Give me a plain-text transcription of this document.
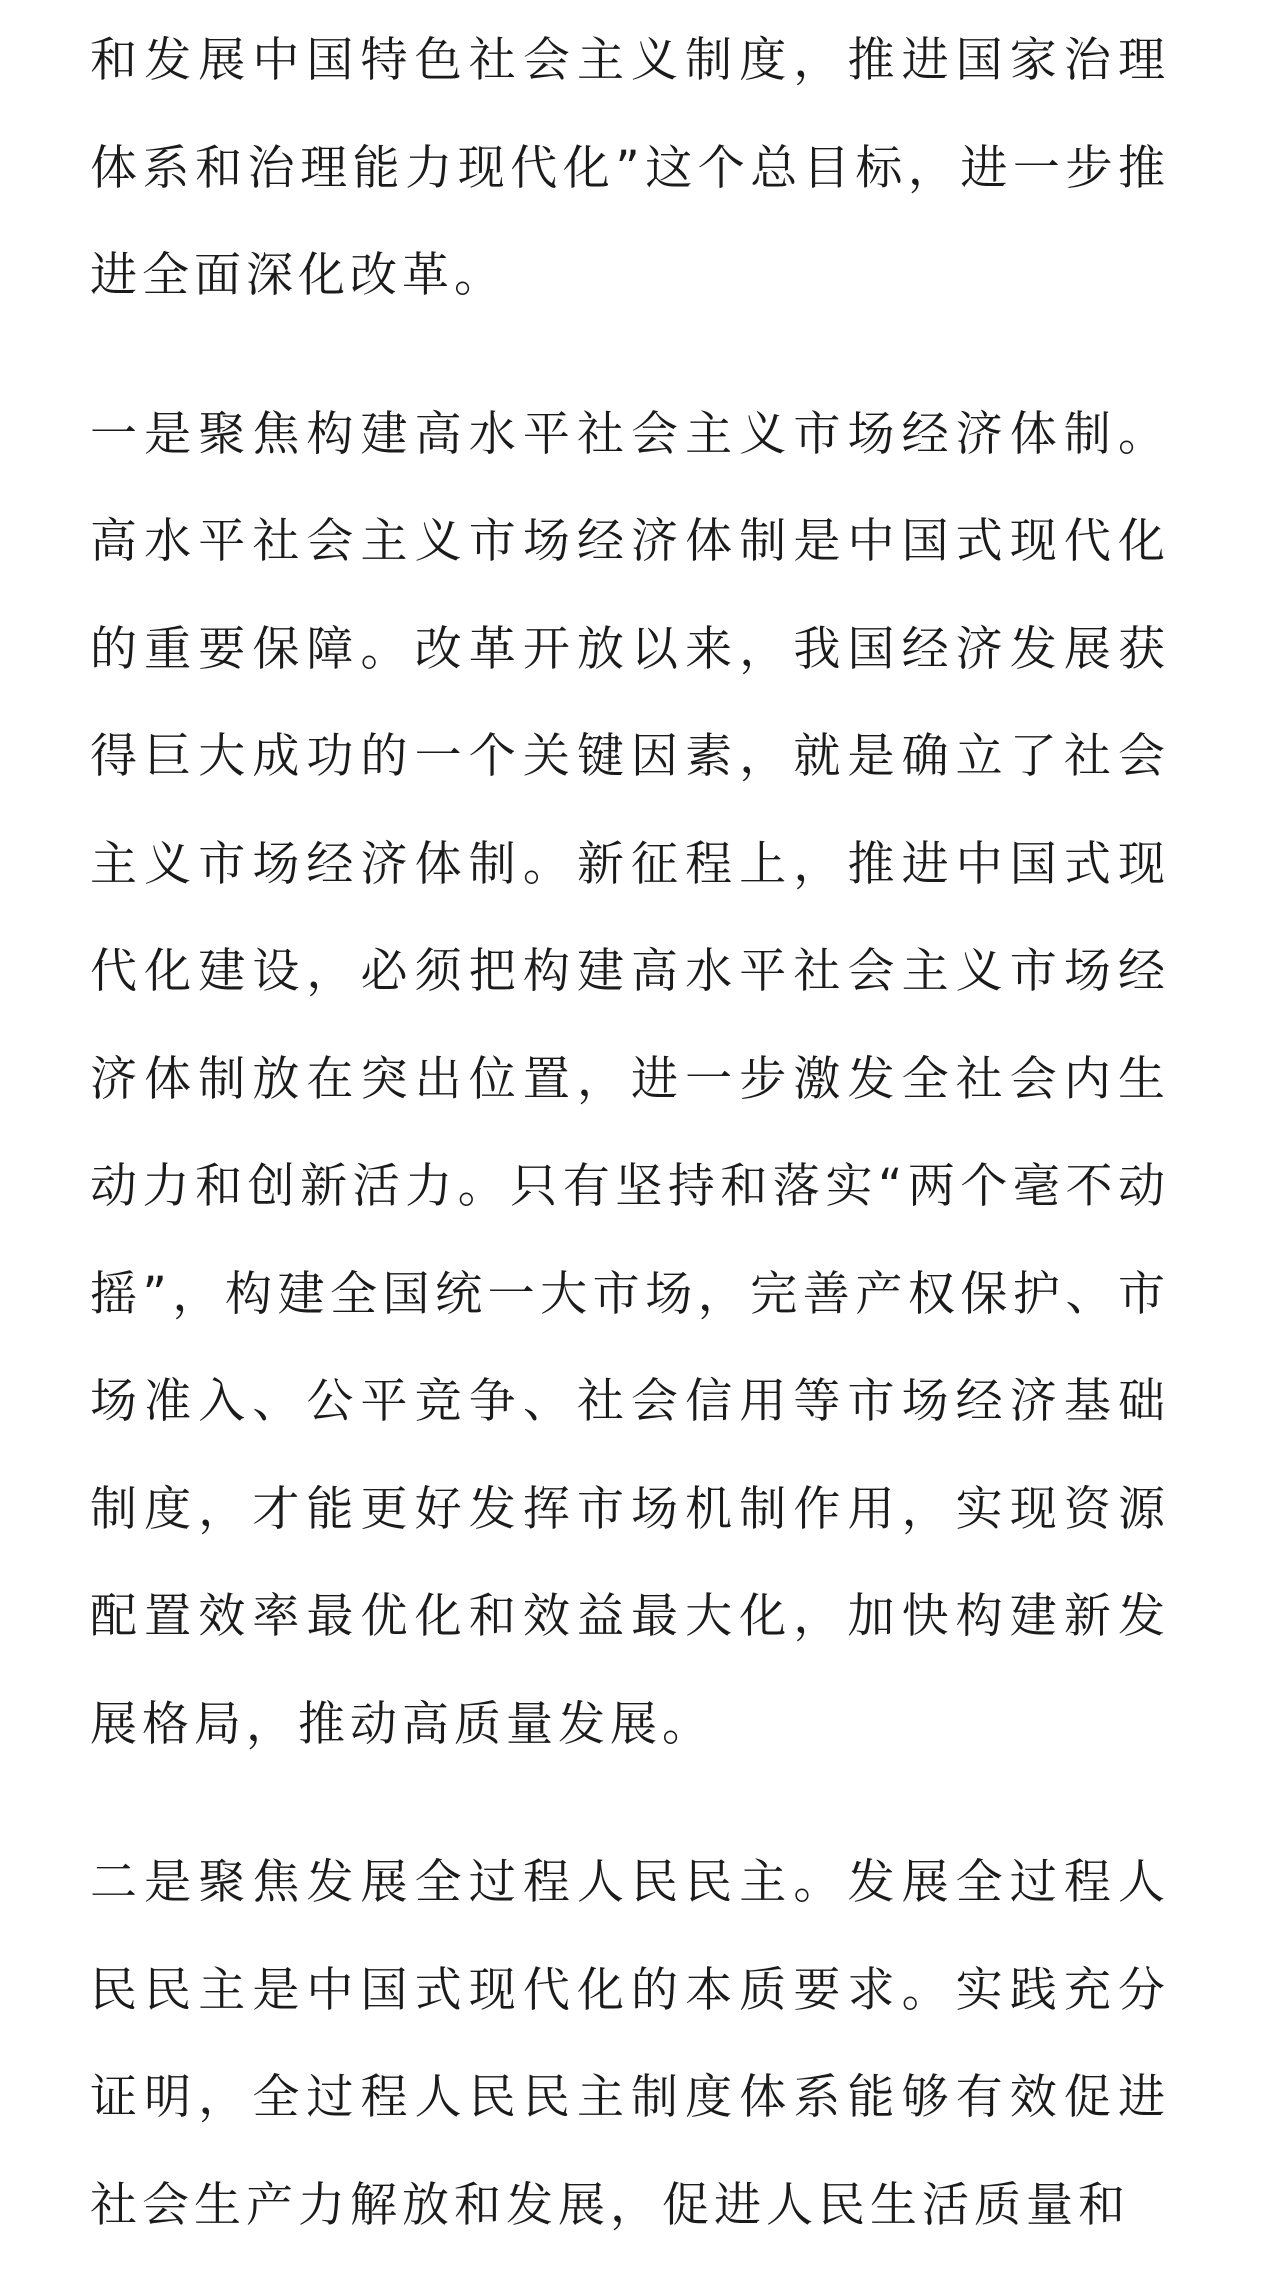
和发展中国特色社会主义制度，推进国家治理体系和治理能力现代化”这个总目标，进一步推进全面深化改革。

一是聚焦构建高水平社会主义市场经济体制。高水平社会主义市场经济体制是中国式现代化的重要保障。改革开放以来，我国经济发展获得巨大成功的一个关键因素，就是确立了社会主义市场经济体制。新征程上，推进中国式现代化建设，必须把构建高水平社会主义市场经济体制放在突出位置，进一步激发全社会内生动力和创新活力。只有坚持和落实“两个毫不动摇”，构建全国统一大市场，完善产权保护、市场准入、公平竞争、社会信用等市场经济基础制度，才能更好发挥市场机制作用，实现资源配置效率最优化和效益最大化，加快构建新发展格局，推动高质量发展。

二是聚焦发展全过程人民民主。发展全过程人民民主是中国式现代化的本质要求。实践充分证明，全过程人民民主制度体系能够有效促进社会生产力解放和发展，促进人民生活质量和
